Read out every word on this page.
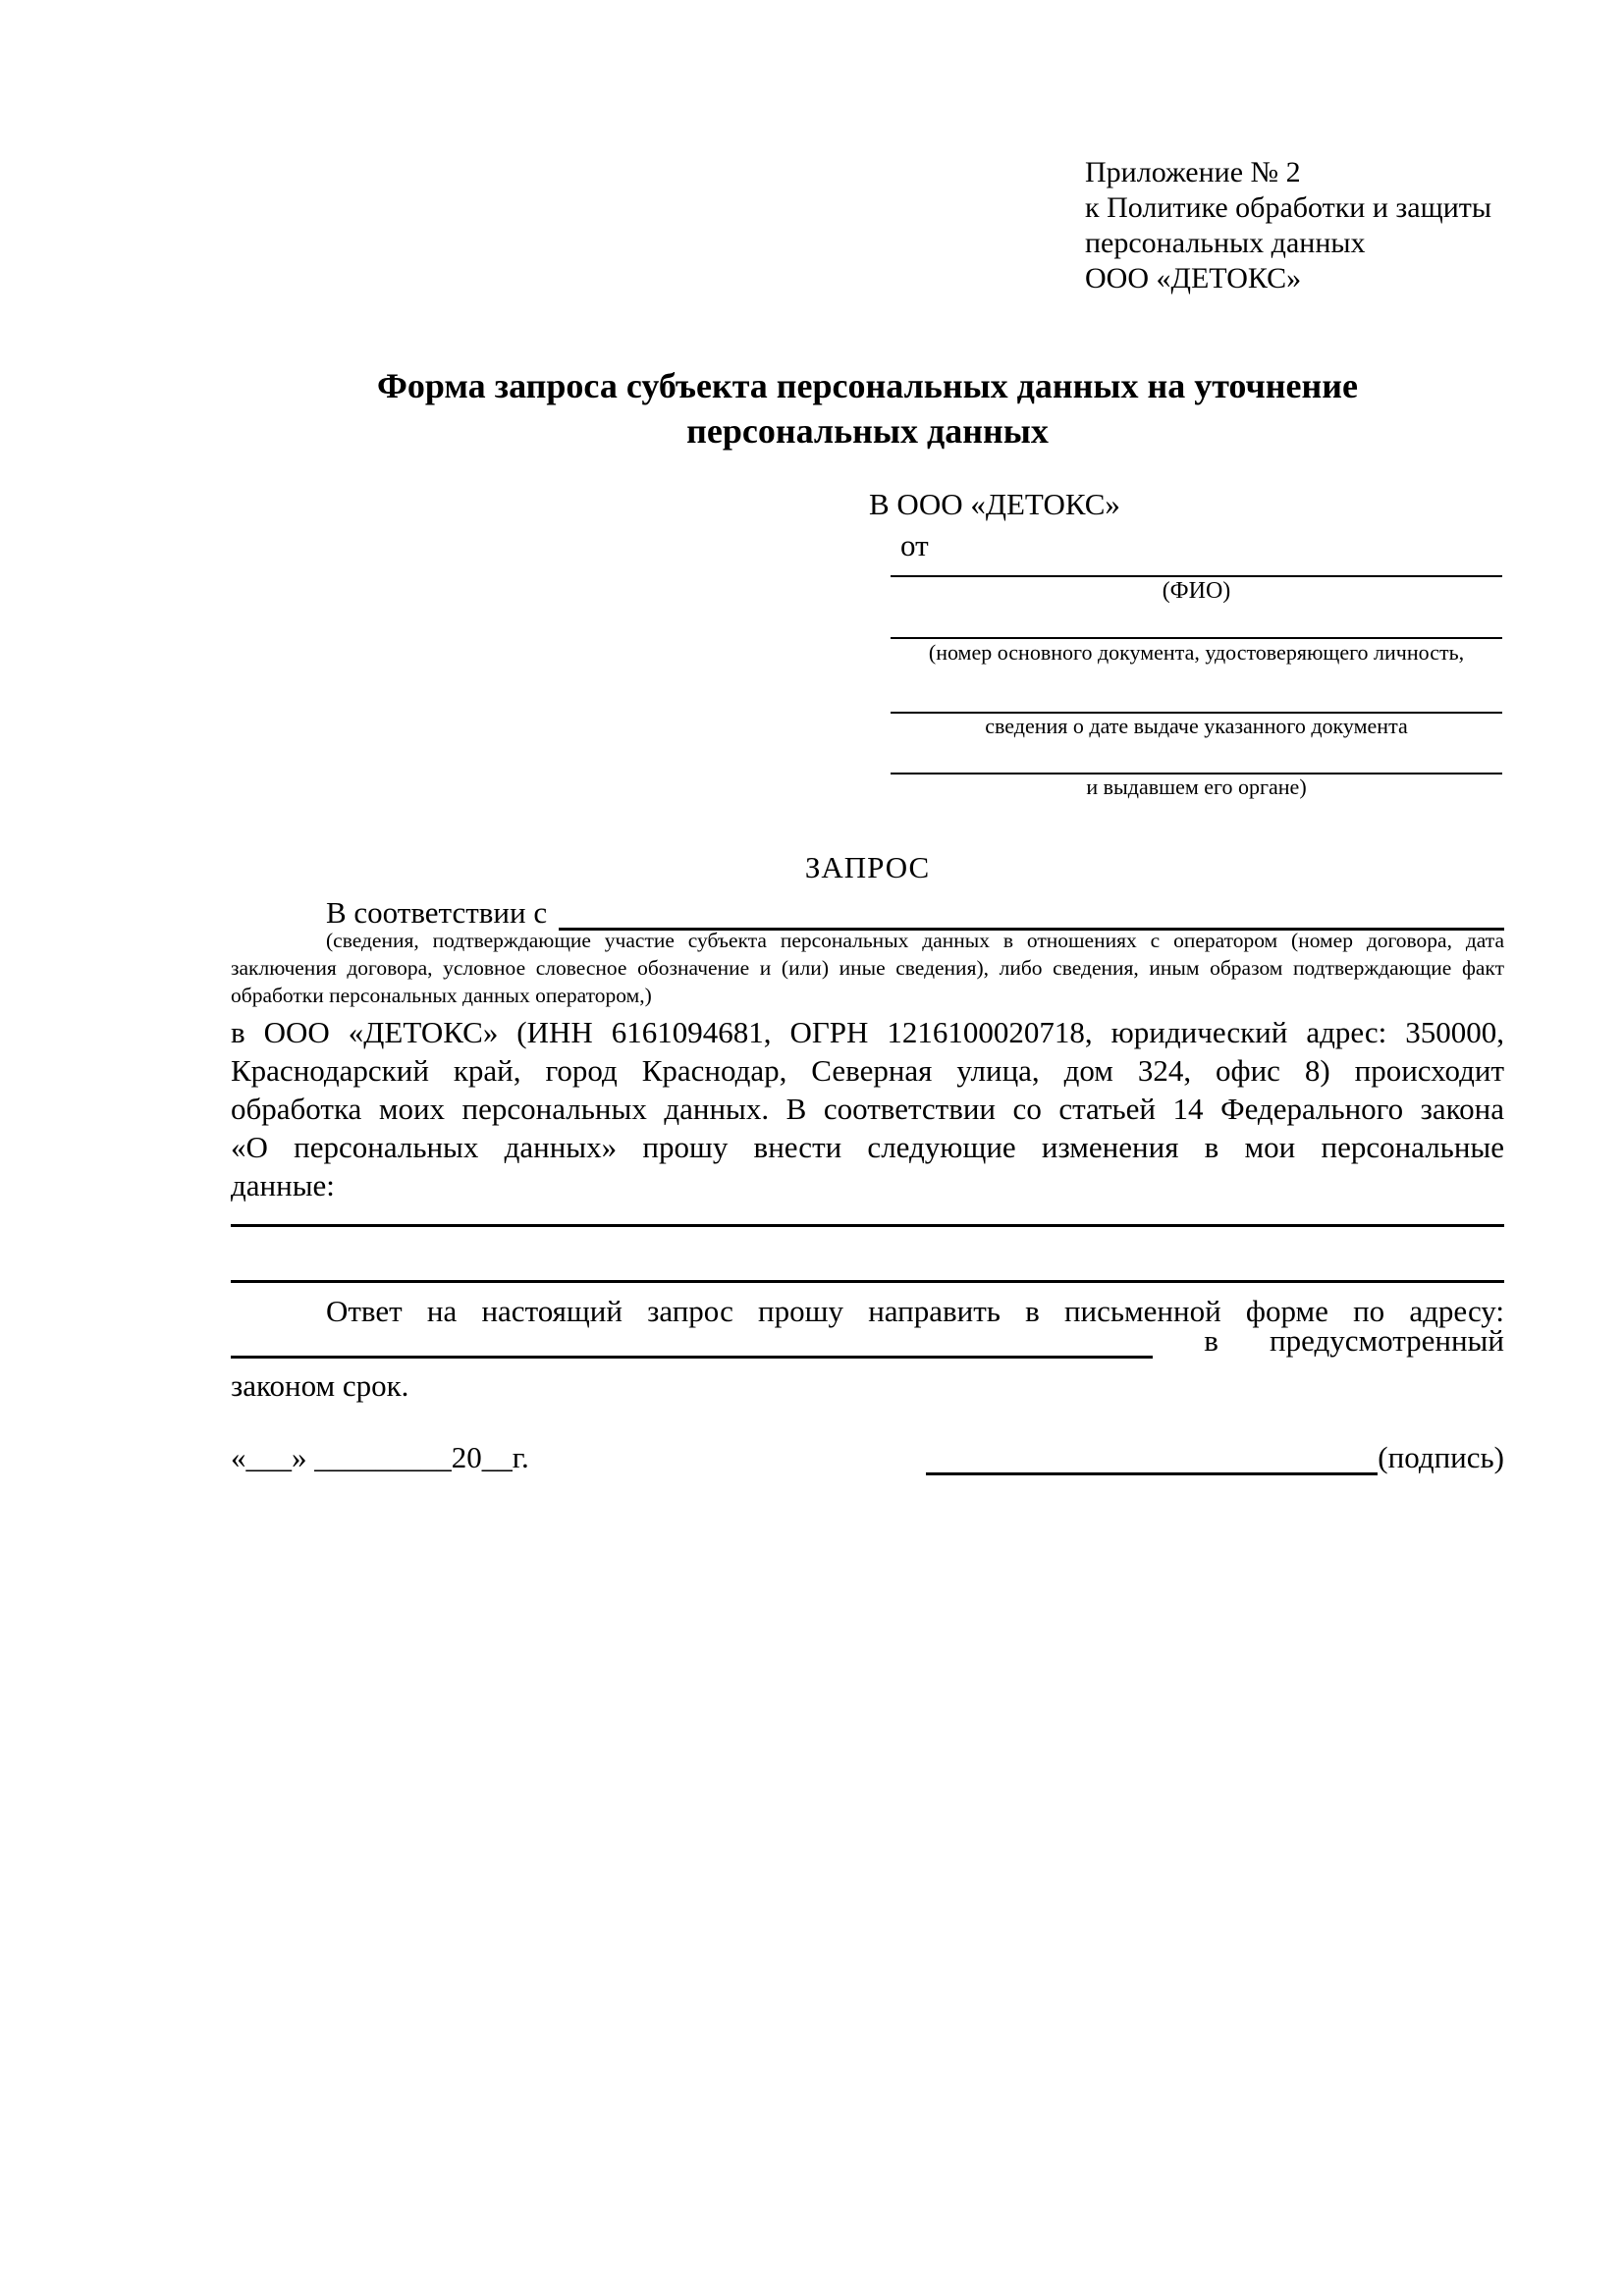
Приложение № 2
к Политике обработки и защиты
персональных данных
ООО «ДЕТОКС»
Форма запроса субъекта персональных данных на уточнение
персональных данных
В ООО «ДЕТОКС»
от
(ФИО)
(номер основного документа, удостоверяющего личность,
сведения о дате выдаче указанного документа
и выдавшем его органе)
ЗАПРОС
В соответствии с
(сведения, подтверждающие участие субъекта персональных данных в отношениях с оператором (номер договора, дата
заключения договора, условное словесное обозначение и (или) иные сведения), либо сведения, иным образом подтверждающие факт
обработки персональных данных оператором,)
в ООО «ДЕТОКС» (ИНН 6161094681, ОГРН 1216100020718, юридический адрес: 350000,
Краснодарский край, город Краснодар, Северная улица, дом 324, офис 8) происходит
обработка моих персональных данных. В соответствии со статьей 14 Федерального закона
«О персональных данных» прошу внести следующие изменения в мои персональные
данные:
Ответ на настоящий запрос прошу направить в письменной форме по адресу:
в предусмотренный
законом срок.
«___» _________20__г.	(подпись)
